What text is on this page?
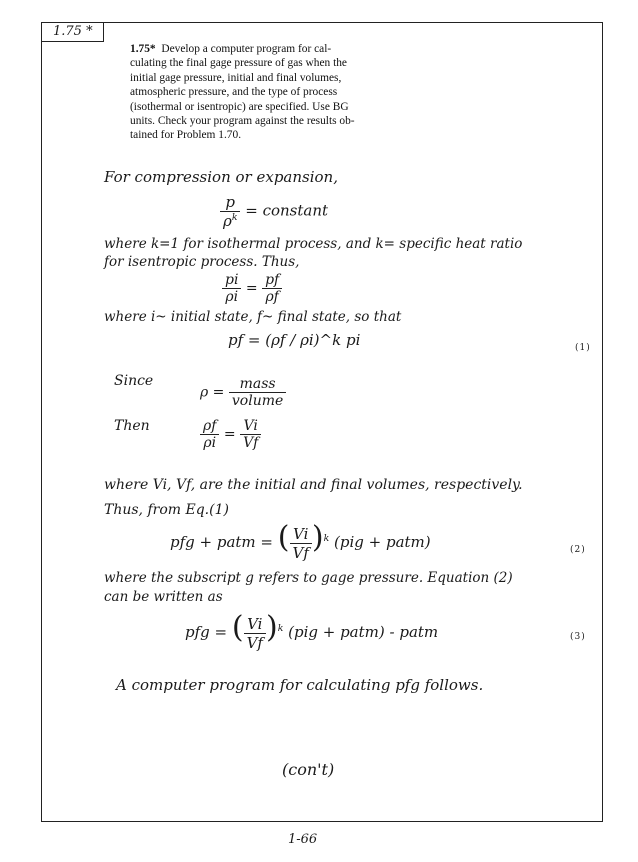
1.75 *
1.75* Develop a computer program for cal-
culating the final gage pressure of gas when the
initial gage pressure, initial and final volumes,
atmospheric pressure, and the type of process
(isothermal or isentropic) are specified. Use BG
units. Check your program against the results ob-
tained for Problem 1.70.
For compression or expansion,
$\frac{p}{\rho^k}$ = constant
where k=1 for isothermal process, and k= specific heat ratio
for isentropic process. Thus,
$\frac{pi}{\rho i} = \frac{pf}{\rho f}$
where i~ initial state, f~ final state, so that
pf = (ρf / ρi)^k pi	(1)
Since
$\rho = \frac{\text{mass}}{\text{volume}}$
Then	$\frac{\rho f}{\rho i} = \frac{Vi}{Vf}$
where Vi, Vf, are the initial and final volumes, respectively.
Thus, from Eq.(1)
pfg + patm = ( $\frac{Vi}{Vf} )^k$ (pig + patm)	(2)
where the subscript g refers to gage pressure. Equation (2)
can be written as
pfg = ( $\frac{Vi}{Vf} )^k$ (pig + patm) - patm	(3)
A computer program for calculating pfg follows.
(con't)
1-66
